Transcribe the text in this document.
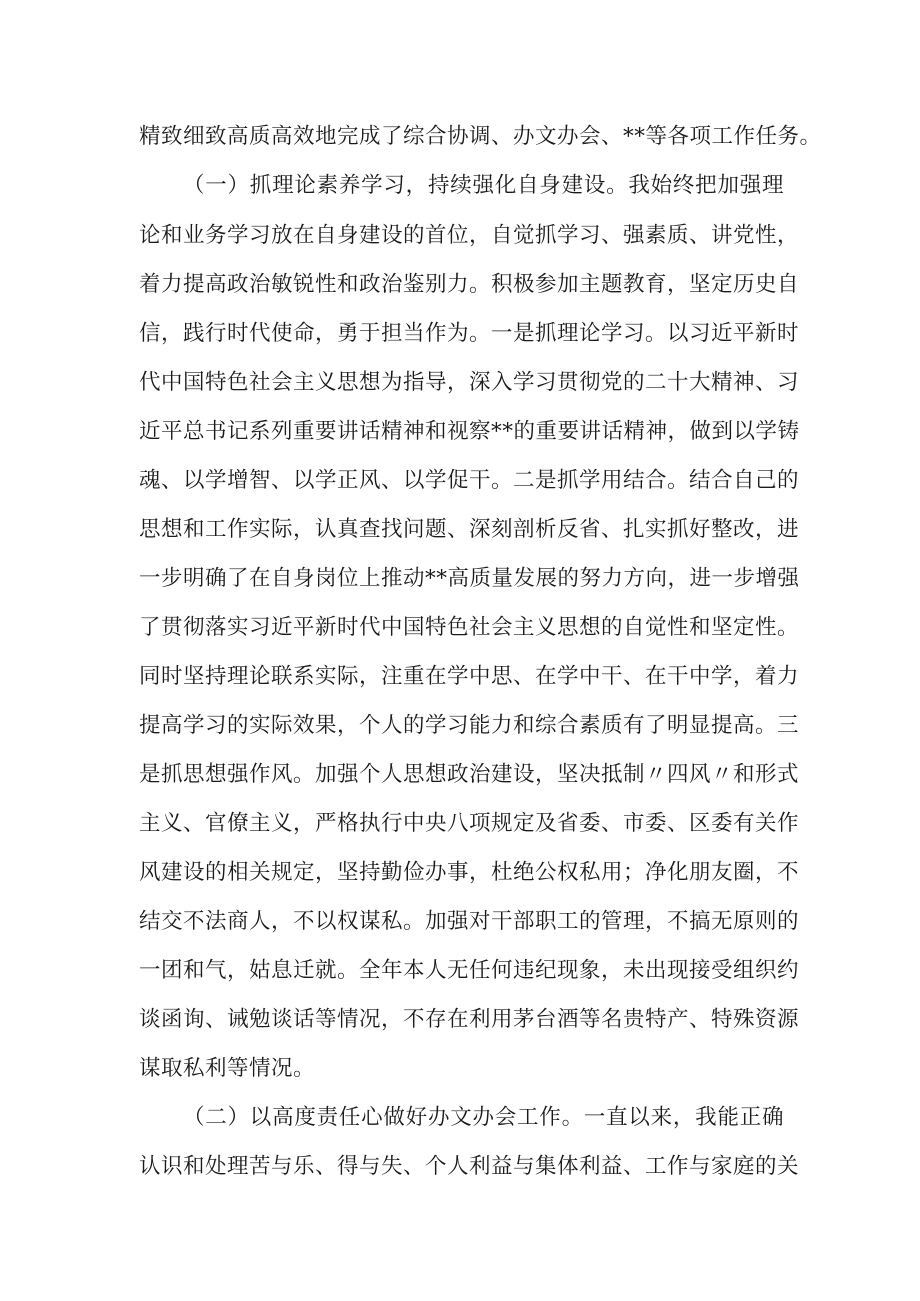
精致细致高质高效地完成了综合协调、办文办会、**等各项工作任务。
（一）抓理论素养学习，持续强化自身建设。我始终把加强理
论和业务学习放在自身建设的首位，自觉抓学习、强素质、讲党性，
着力提高政治敏锐性和政治鉴别力。积极参加主题教育，坚定历史自
信，践行时代使命，勇于担当作为。一是抓理论学习。以习近平新时
代中国特色社会主义思想为指导，深入学习贯彻党的二十大精神、习
近平总书记系列重要讲话精神和视察**的重要讲话精神，做到以学铸
魂、以学增智、以学正风、以学促干。二是抓学用结合。结合自己的
思想和工作实际，认真查找问题、深刻剖析反省、扎实抓好整改，进
一步明确了在自身岗位上推动**高质量发展的努力方向，进一步增强
了贯彻落实习近平新时代中国特色社会主义思想的自觉性和坚定性。
同时坚持理论联系实际，注重在学中思、在学中干、在干中学，着力
提高学习的实际效果，个人的学习能力和综合素质有了明显提高。三
是抓思想强作风。加强个人思想政治建设，坚决抵制〃四风〃和形式
主义、官僚主义，严格执行中央八项规定及省委、市委、区委有关作
风建设的相关规定，坚持勤俭办事，杜绝公权私用；净化朋友圈，不
结交不法商人，不以权谋私。加强对干部职工的管理，不搞无原则的
一团和气，姑息迁就。全年本人无任何违纪现象，未出现接受组织约
谈函询、诫勉谈话等情况，不存在利用茅台酒等名贵特产、特殊资源
谋取私利等情况。
（二）以高度责任心做好办文办会工作。一直以来，我能正确
认识和处理苦与乐、得与失、个人利益与集体利益、工作与家庭的关
